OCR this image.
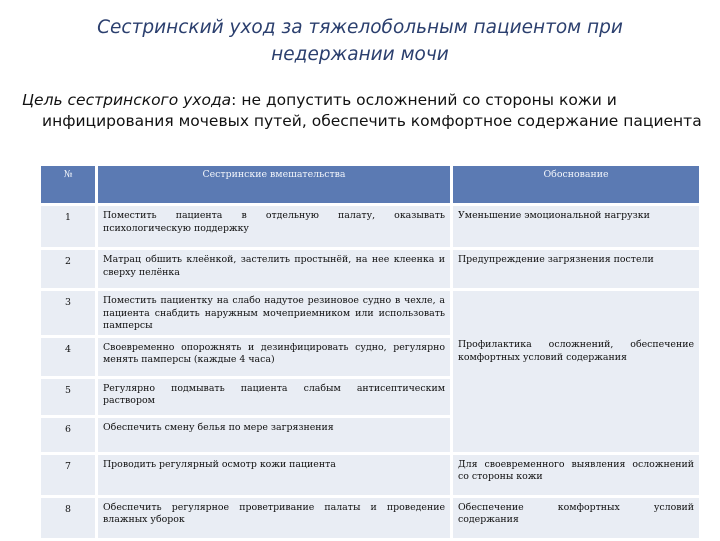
Сестринский уход за тяжелобольным пациентом при
недержании мочи
Цель сестринского ухода: не допустить осложнений со стороны кожи и инфицирования мочевых путей, обеспечить комфортное содержание пациента
№	Сестринские вмешательства	Обоснование
1	Поместить пациента в отдельную палату, оказывать психологическую поддержку	Уменьшение эмоциональной нагрузки
2	Матрац обшить клеёнкой, застелить простынёй, на нее клеенка и сверху пелёнка	Предупреждение загрязнения постели
3	Поместить пациентку на слабо надутое резиновое судно в чехле, а пациента снабдить наружным мочеприемником или использовать памперсы	Профилактика осложнений, обеспечение комфортных условий содержания
4	Своевременно опорожнять и дезинфицировать судно, регулярно менять памперсы (каждые 4 часа)	
5	Регулярно подмывать пациента слабым антисептическим раствором	
6	Обеспечить смену белья по мере загрязнения	
7	Проводить регулярный осмотр кожи пациента	Для своевременного выявления осложнений со стороны кожи
8	Обеспечить регулярное проветривание палаты и проведение влажных уборок	Обеспечение комфортных условий содержания
